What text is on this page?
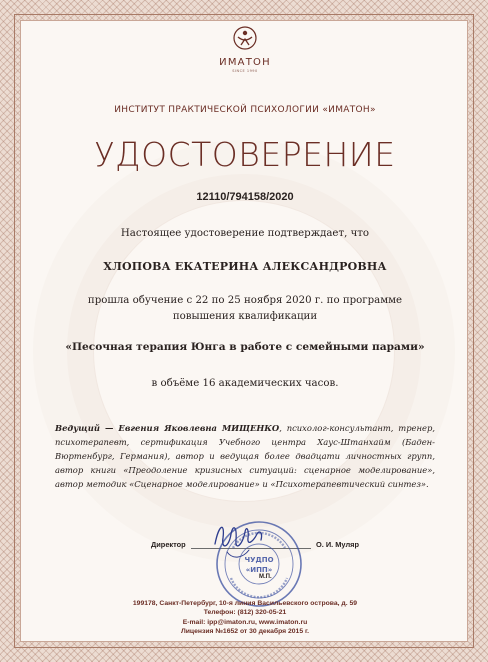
ИМАТОН
SINCE 1990
ИНСТИТУТ ПРАКТИЧЕСКОЙ ПСИХОЛОГИИ «ИМАТОН»
УДОСТОВЕРЕНИЕ
12110/794158/2020
Настоящее удостоверение подтверждает, что
ХЛОПОВА ЕКАТЕРИНА АЛЕКСАНДРОВНА
прошла обучение с 22 по 25 ноября 2020 г. по программе
повышения квалификации
«Песочная терапия Юнга в работе с семейными парами»
в объёме 16 академических часов.
Ведущий — Евгения Яковлевна МИЩЕНКО, психолог-консультант, тренер, психотерапевт, сертификация Учебного центра Хаус-Штанхайм (Баден-Вюртенбург, Германия), автор и ведущая более двадцати личностных групп, автор книги «Преодоление кризисных ситуаций: сценарное моделирование», автор методик «Сценарное моделирование» и «Психотерапевтический синтез».
Директор	О. И. Муляр
ЧУДПО
«ИПП»
М.П.
199178, Санкт-Петербург, 10-я линия Васильевского острова, д. 59
Телефон: (812) 320-05-21
E-mail: ipp@imaton.ru, www.imaton.ru
Лицензия №1652 от 30 декабря 2015 г.
